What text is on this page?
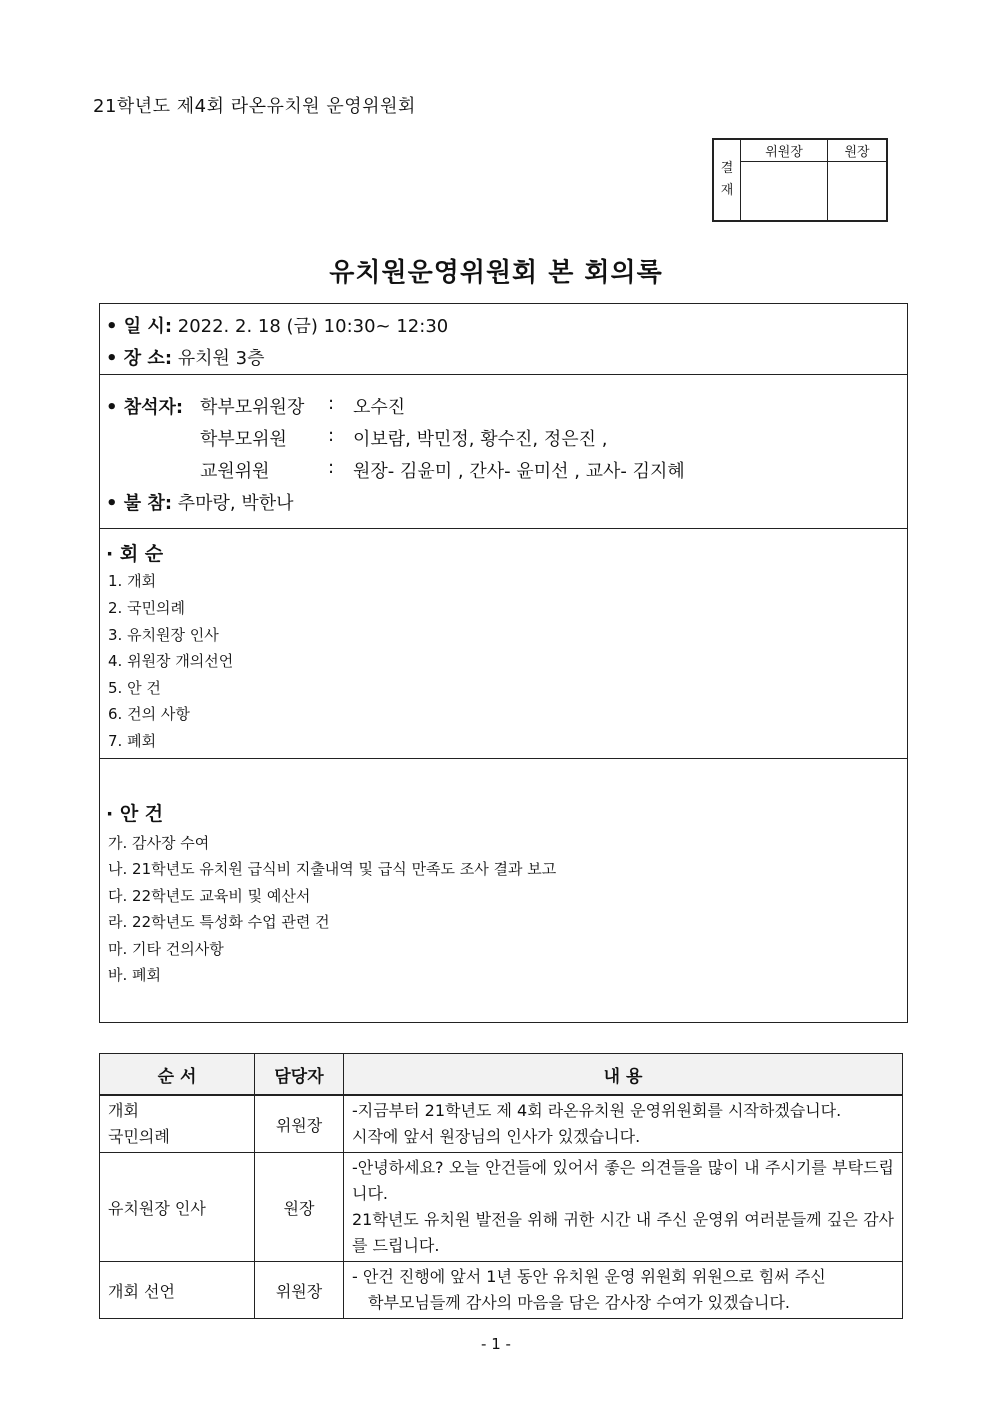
21학년도 제4회 라온유치원 운영위원회
결
재	위원장	원장

유치원운영위원회 본 회의록
• 일 시: 2022. 2. 18 (금) 10:30~ 12:30
• 장 소: 유치원 3층
• 참석자: 학부모위원장 : 오수진
학부모위원 : 이보람, 박민정, 황수진, 정은진 ,
교원위원	: 원장- 김윤미 , 간사- 윤미선 , 교사- 김지혜
• 불 참: 추마랑, 박한나
· 회 순
1. 개회
2. 국민의례
3. 유치원장 인사
4. 위원장 개의선언
5. 안 건
6. 건의 사항
7. 폐회
· 안 건
가. 감사장 수여
나. 21학년도 유치원 급식비 지출내역 및 급식 만족도 조사 결과 보고
다. 22학년도 교육비 및 예산서
라. 22학년도 특성화 수업 관련 건
마. 기타 건의사항
바. 폐회
순 서	담당자	내 용
개회
국민의례	위원장	-지금부터 21학년도 제 4회 라온유치원 운영위원회를 시작하겠습니다.
시작에 앞서 원장님의 인사가 있겠습니다.
유치원장 인사	원장	-안녕하세요? 오늘 안건들에 있어서 좋은 의견들을 많이 내 주시기를 부탁드립니다.
21학년도 유치원 발전을 위해 귀한 시간 내 주신 운영위 여러분들께 깊은 감사를 드립니다.

개회 선언	위원장	- 안건 진행에 앞서 1년 동안 유치원 운영 위원회 위원으로 힘써 주신
학부모님들께 감사의 마음을 담은 감사장 수여가 있겠습니다.
- 1 -
